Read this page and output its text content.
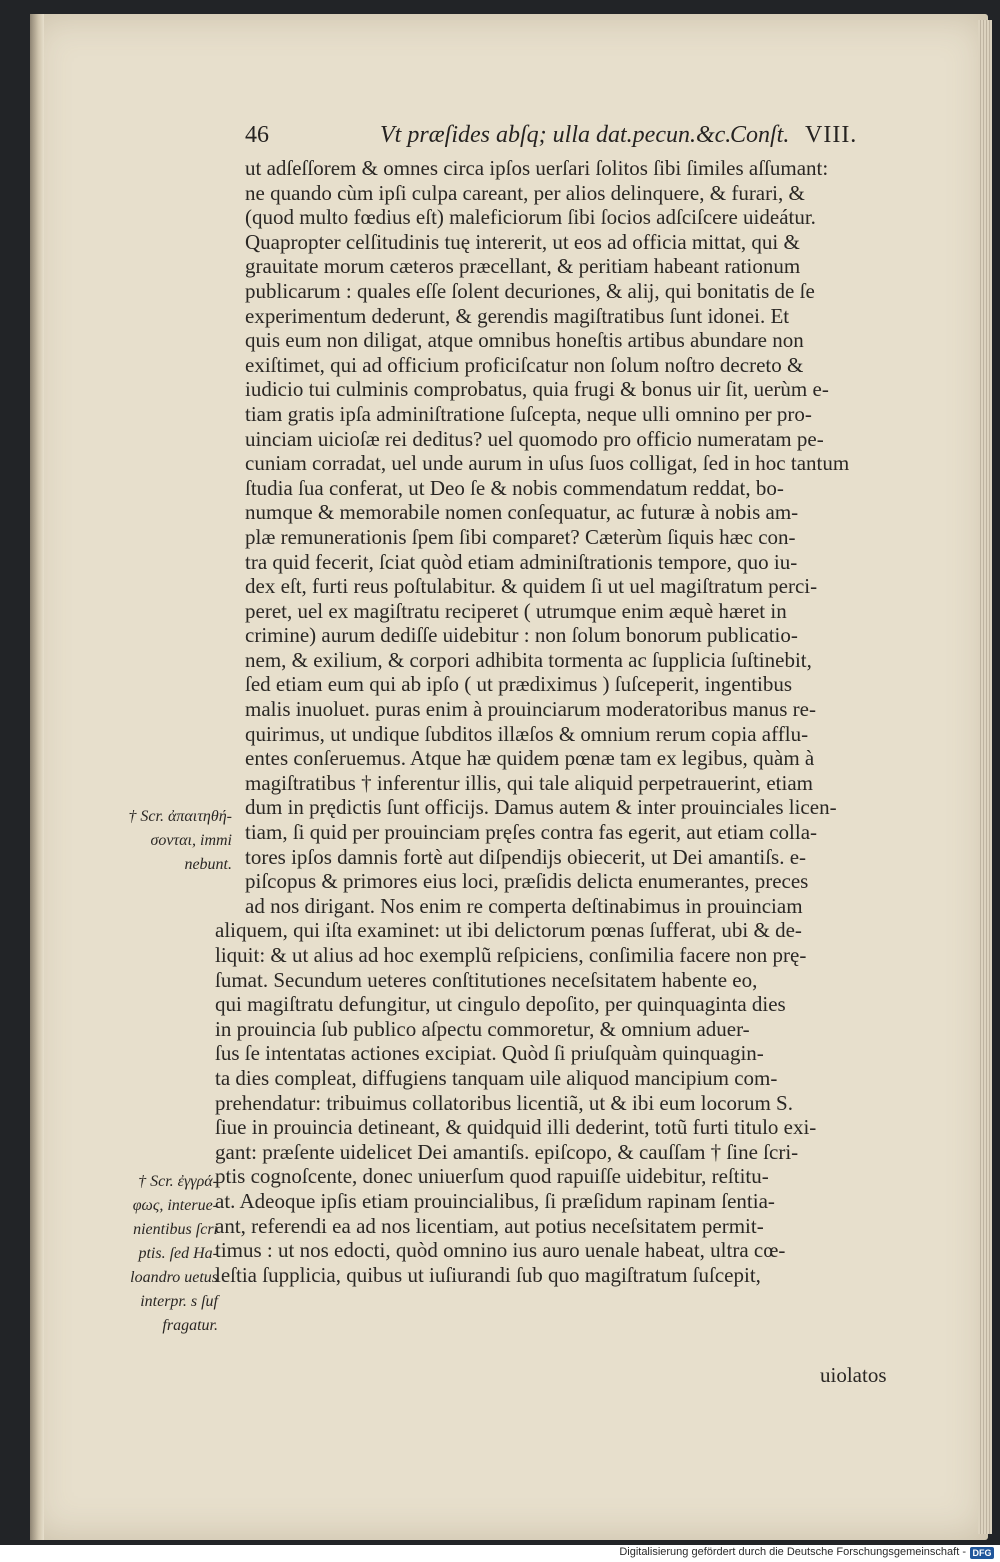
46	Vt præſides abſq; ulla dat.pecun.&c.
Conſt. VIII.
ut adſeſſorem & omnes circa ipſos uerſari ſolitos ſibi ſimiles aſſumant:
ne quando cùm ipſi culpa careant, per alios delinquere, & furari, &
(quod multo fœdius eſt) maleficiorum ſibi ſocios adſciſcere uideátur.
Quapropter celſitudinis tuę intererit, ut eos ad officia mittat, qui &
grauitate morum cæteros præcellant, & peritiam habeant rationum
publicarum : quales eſſe ſolent decuriones, & alij, qui bonitatis de ſe
experimentum dederunt, & gerendis magiſtratibus ſunt idonei. Et
quis eum non diligat, atque omnibus honeſtis artibus abundare non
exiſtimet, qui ad officium proficiſcatur non ſolum noſtro decreto &
iudicio tui culminis comprobatus, quia frugi & bonus uir ſit, uerùm e-
tiam gratis ipſa adminiſtratione ſuſcepta, neque ulli omnino per pro-
uinciam uicioſæ rei deditus? uel quomodo pro officio numeratam pe-
cuniam corradat, uel unde aurum in uſus ſuos colligat, ſed in hoc tantum
ſtudia ſua conferat, ut Deo ſe & nobis commendatum reddat, bo-
numque & memorabile nomen conſequatur, ac futuræ à nobis am-
plæ remunerationis ſpem ſibi comparet? Cæterùm ſiquis hæc con-
tra quid fecerit, ſciat quòd etiam adminiſtrationis tempore, quo iu-
dex eſt, furti reus poſtulabitur. & quidem ſi ut uel magiſtratum perci-
peret, uel ex magiſtratu reciperet ( utrumque enim æquè hæret in
crimine) aurum dediſſe uidebitur : non ſolum bonorum publicatio-
nem, & exilium, & corpori adhibita tormenta ac ſupplicia ſuſtinebit,
ſed etiam eum qui ab ipſo ( ut prædiximus ) ſuſceperit, ingentibus
malis inuoluet. puras enim à prouinciarum moderatoribus manus re-
quirimus, ut undique ſubditos illæſos & omnium rerum copia afflu-
entes conſeruemus. Atque hæ quidem pœnæ tam ex legibus, quàm à
magiſtratibus † inferentur illis, qui tale aliquid perpetrauerint, etiam
dum in prędictis ſunt officijs. Damus autem & inter prouinciales licen-
tiam, ſi quid per prouinciam pręſes contra fas egerit, aut etiam colla-
tores ipſos damnis fortè aut diſpendijs obiecerit, ut Dei amantiſs. e-
piſcopus & primores eius loci, præſidis delicta enumerantes, preces
ad nos dirigant. Nos enim re comperta deſtinabimus in prouinciam
aliquem, qui iſta examinet: ut ibi delictorum pœnas ſufferat, ubi & de-
liquit: & ut alius ad hoc exemplũ reſpiciens, conſimilia facere non prę-
ſumat. Secundum ueteres conſtitutiones neceſsitatem habente eo,
qui magiſtratu defungitur, ut cingulo depoſito, per quinquaginta dies
in prouincia ſub publico aſpectu commoretur, & omnium aduer-
ſus ſe intentatas actiones excipiat. Quòd ſi priuſquàm quinquagin-
ta dies compleat, diffugiens tanquam uile aliquod mancipium com-
prehendatur: tribuimus collatoribus licentiã, ut & ibi eum locorum S.
ſiue in prouincia detineant, & quidquid illi dederint, totũ furti titulo exi-
gant: præſente uidelicet Dei amantiſs. epiſcopo, & cauſſam † ſine ſcri-
ptis cognoſcente, donec uniuerſum quod rapuiſſe uidebitur, reſtitu-
at. Adeoque ipſis etiam prouincialibus, ſi præſidum rapinam ſentia-
ant, referendi ea ad nos licentiam, aut potius neceſsitatem permit-
timus : ut nos edocti, quòd omnino ius auro uenale habeat, ultra cœ-
leſtia ſupplicia, quibus ut iuſiurandi ſub quo magiſtratum ſuſcepit,
† Scr. ἀπαιτηθή-
σονται, immi
nebunt.
† Scr. ἐγγρά-
φως, interue-
nientibus ſcri
ptis. ſed Ha-
loandro uetus
interpr. s ſuf
fragatur.
uiolatos
Digitalisierung gefördert durch die Deutsche Forschungsgemeinschaft - DFG
